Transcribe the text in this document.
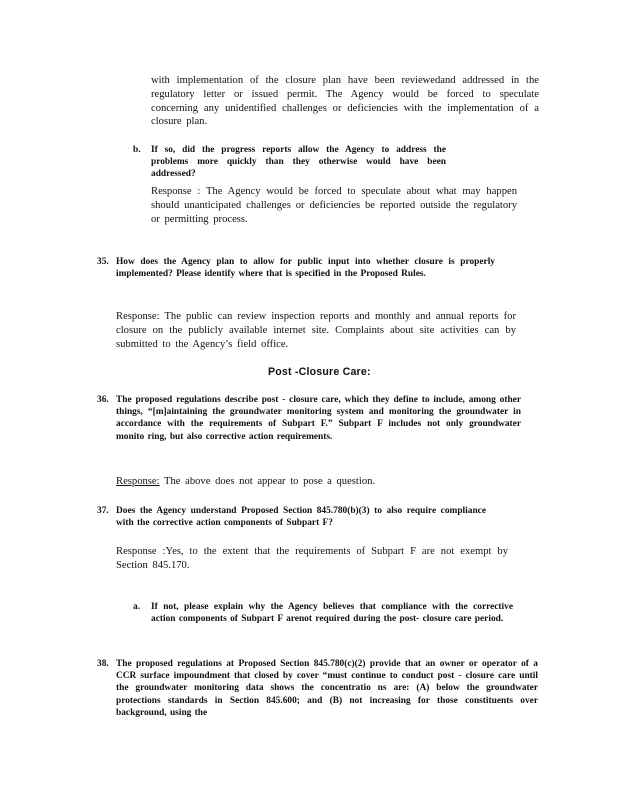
with implementation of the closure plan have been reviewedand addressed in the regulatory letter or issued permit. The Agency would be forced to speculate concerning any unidentified challenges or deficiencies with the implementation of a closure plan.

b. If so, did the progress reports allow the Agency to address the problems more quickly than they otherwise would have been addressed?

Response : The Agency would be forced to speculate about what may happen should unanticipated challenges or deficiencies be reported outside the regulatory or permitting process.

35. How does the Agency plan to allow for public input into whether closure is properly implemented? Please identify where that is specified in the Proposed Rules.

Response: The public can review inspection reports and monthly and annual reports for closure on the publicly available internet site. Complaints about site activities can by submitted to the Agency’s field office.

Post -Closure Care:
36. The proposed regulations describe post - closure care, which they define to include, among other things, “[m]aintaining the groundwater monitoring system and monitoring the groundwater in accordance with the requirements of Subpart F.” Subpart F includes not only groundwater monito ring, but also corrective action requirements.

Response: The above does not appear to pose a question.

37. Does the Agency understand Proposed Section 845.780(b)(3) to also require compliance with the corrective action components of Subpart F?

Response :Yes, to the extent that the requirements of Subpart F are not exempt by Section 845.170.

a. If not, please explain why the Agency believes that compliance with the corrective action components of Subpart F arenot required during the post- closure care period.

38. The proposed regulations at Proposed Section 845.780(c)(2) provide that an owner or operator of a CCR surface impoundment that closed by cover “must continue to conduct post - closure care until the groundwater monitoring data shows the concentratio ns are: (A) below the groundwater protections standards in Section 845.600; and (B) not increasing for those constituents over background, using the
